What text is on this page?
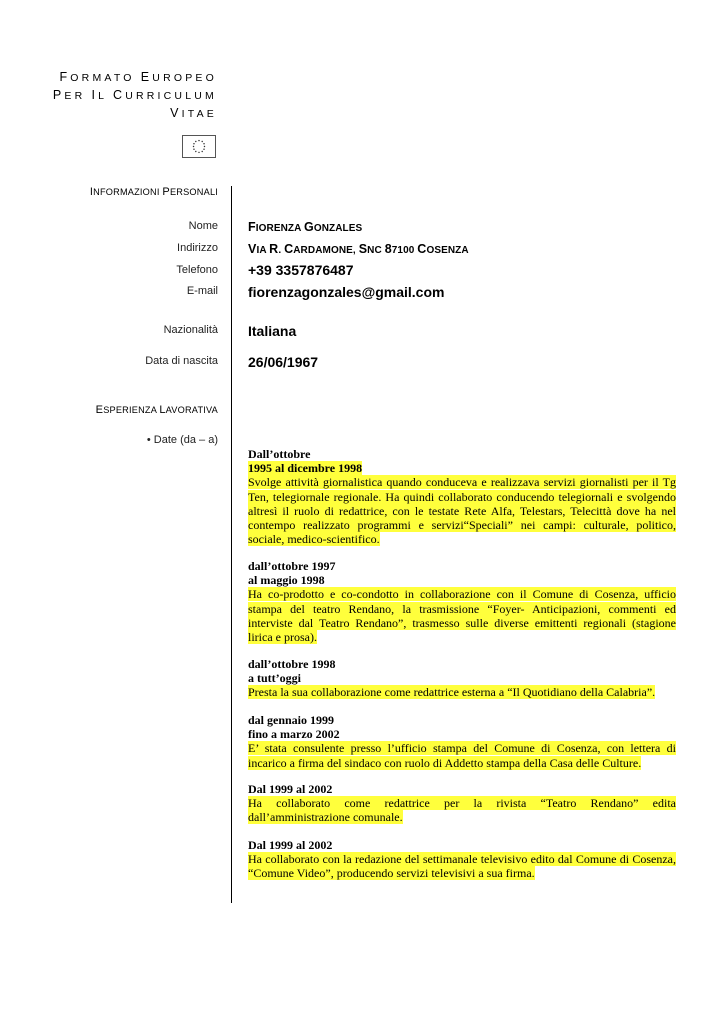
FORMATO EUROPEO
PER IL CURRICULUM
VITAE
INFORMAZIONI PERSONALI
Nome FIORENZA GONZALES
Indirizzo VIA R. CARDAMONE, SNC 87100 COSENZA
Telefono +39 3357876487
E-mail fiorenzagonzales@gmail.com
Nazionalità Italiana
Data di nascita 26/06/1967
ESPERIENZA LAVORATIVA
• Date (da – a)
Dall’ottobre
1995 al dicembre 1998

Svolge attività giornalistica quando conduceva e realizzava servizi giornalisti per il Tg Ten, telegiornale regionale. Ha quindi collaborato conducendo telegiornali e svolgendo altresì il ruolo di redattrice, con le testate Rete Alfa, Telestars, Telecittà dove ha nel contempo realizzato programmi e servizi“Speciali” nei campi: culturale, politico, sociale, medico-scientifico.

dall’ottobre 1997
al maggio 1998

Ha co-prodotto e co-condotto in collaborazione con il Comune di Cosenza, ufficio stampa del teatro Rendano, la trasmissione “Foyer- Anticipazioni, commenti ed interviste dal Teatro Rendano”, trasmesso sulle diverse emittenti regionali (stagione lirica e prosa).

dall’ottobre 1998
a tutt’oggi

Presta la sua collaborazione come redattrice esterna a “Il Quotidiano della Calabria”.

dal gennaio 1999
fino a marzo 2002

E’ stata consulente presso l’ufficio stampa del Comune di Cosenza, con lettera di incarico a firma del sindaco con ruolo di Addetto stampa della Casa delle Culture.

Dal 1999 al 2002

Ha collaborato come redattrice per la rivista “Teatro Rendano” edita dall’amministrazione comunale.

Dal 1999 al 2002

Ha collaborato con la redazione del settimanale televisivo edito dal Comune di Cosenza, “Comune Video”, producendo servizi televisivi a sua firma.
